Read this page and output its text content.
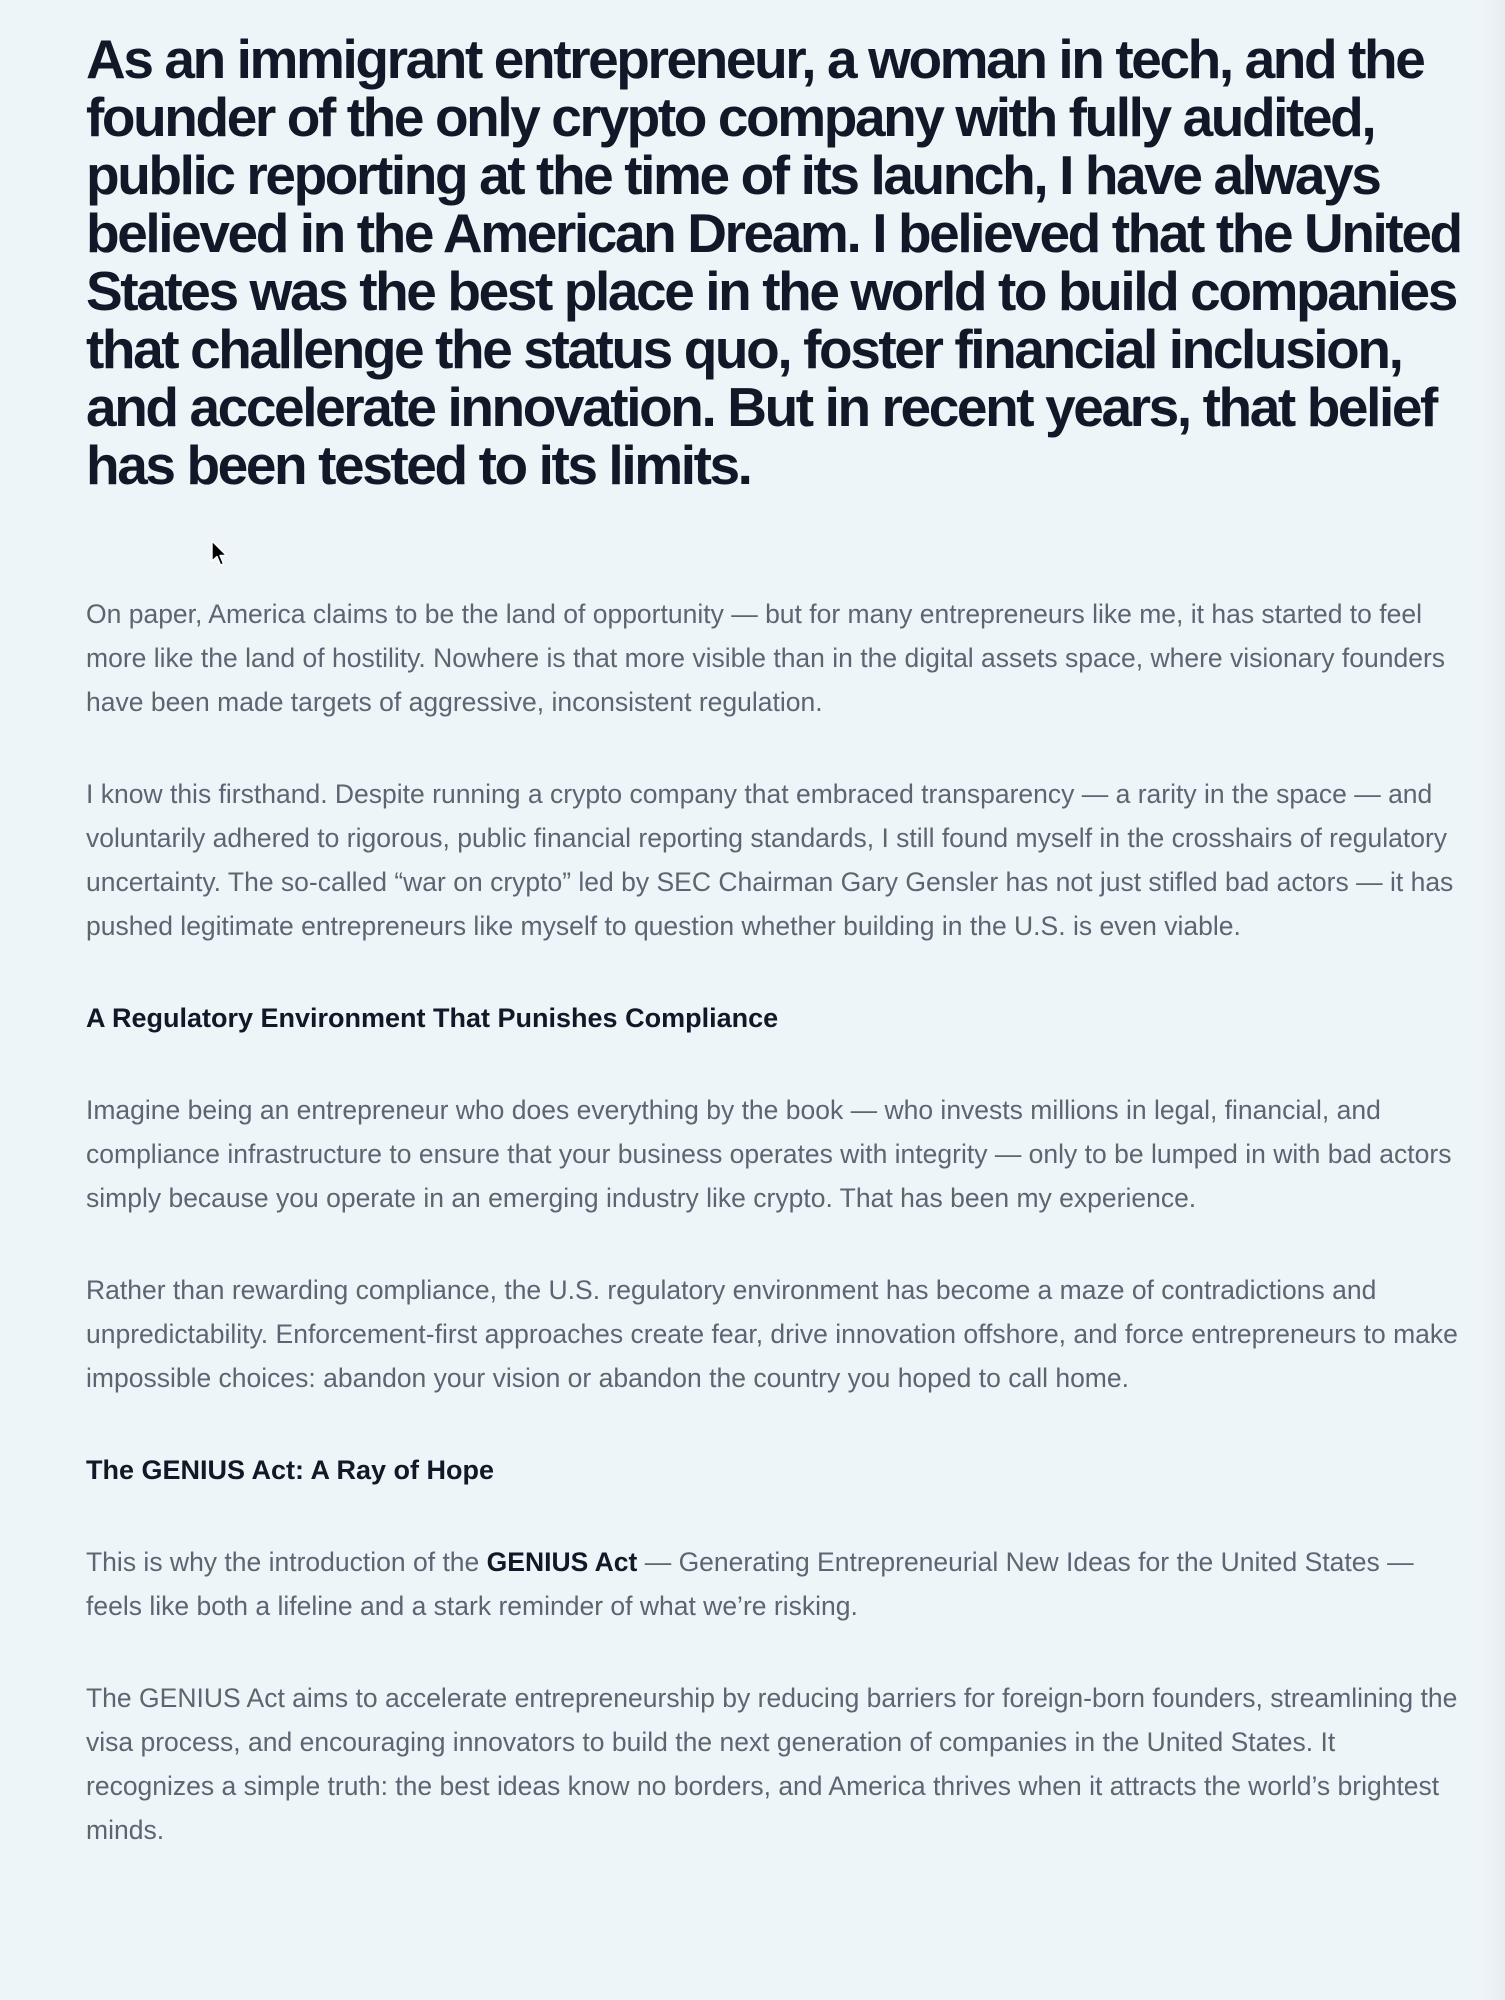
As an immigrant entrepreneur, a woman in tech, and the founder of the only crypto company with fully audited, public reporting at the time of its launch, I have always believed in the American Dream. I believed that the United States was the best place in the world to build companies that challenge the status quo, foster financial inclusion, and accelerate innovation. But in recent years, that belief has been tested to its limits.

On paper, America claims to be the land of opportunity — but for many entrepreneurs like me, it has started to feel more like the land of hostility. Nowhere is that more visible than in the digital assets space, where visionary founders have been made targets of aggressive, inconsistent regulation.

I know this firsthand. Despite running a crypto company that embraced transparency — a rarity in the space — and voluntarily adhered to rigorous, public financial reporting standards, I still found myself in the crosshairs of regulatory uncertainty. The so-called “war on crypto” led by SEC Chairman Gary Gensler has not just stifled bad actors — it has pushed legitimate entrepreneurs like myself to question whether building in the U.S. is even viable.

A Regulatory Environment That Punishes Compliance

Imagine being an entrepreneur who does everything by the book — who invests millions in legal, financial, and compliance infrastructure to ensure that your business operates with integrity — only to be lumped in with bad actors simply because you operate in an emerging industry like crypto. That has been my experience.

Rather than rewarding compliance, the U.S. regulatory environment has become a maze of contradictions and unpredictability. Enforcement-first approaches create fear, drive innovation offshore, and force entrepreneurs to make impossible choices: abandon your vision or abandon the country you hoped to call home.

The GENIUS Act: A Ray of Hope

This is why the introduction of the GENIUS Act — Generating Entrepreneurial New Ideas for the United States — feels like both a lifeline and a stark reminder of what we’re risking.

The GENIUS Act aims to accelerate entrepreneurship by reducing barriers for foreign-born founders, streamlining the visa process, and encouraging innovators to build the next generation of companies in the United States. It recognizes a simple truth: the best ideas know no borders, and America thrives when it attracts the world’s brightest minds.
